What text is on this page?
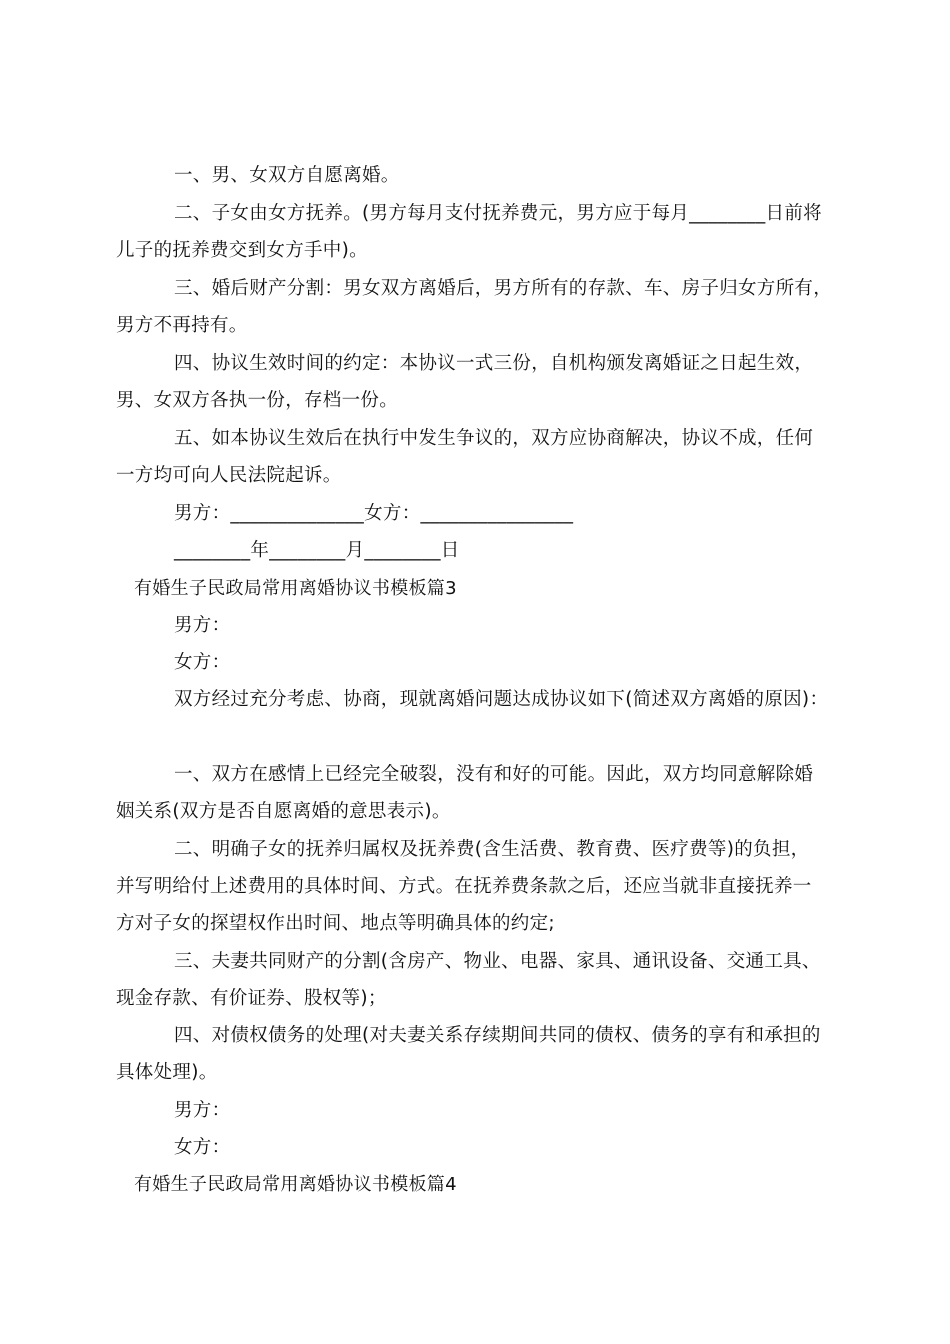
一、男、女双方自愿离婚。
二、子女由女方抚养。(男方每月支付抚养费元，男方应于每月________日前将
儿子的抚养费交到女方手中)。
三、婚后财产分割：男女双方离婚后，男方所有的存款、车、房子归女方所有，
男方不再持有。
四、协议生效时间的约定：本协议一式三份，自机构颁发离婚证之日起生效，
男、女双方各执一份，存档一份。
五、如本协议生效后在执行中发生争议的，双方应协商解决，协议不成，任何
一方均可向人民法院起诉。
男方：______________女方：________________
________年________月________日
有婚生子民政局常用离婚协议书模板篇3
男方：
女方：
双方经过充分考虑、协商，现就离婚问题达成协议如下(简述双方离婚的原因)：
一、双方在感情上已经完全破裂，没有和好的可能。因此，双方均同意解除婚
姻关系(双方是否自愿离婚的意思表示)。
二、明确子女的抚养归属权及抚养费(含生活费、教育费、医疗费等)的负担，
并写明给付上述费用的具体时间、方式。在抚养费条款之后，还应当就非直接抚养一
方对子女的探望权作出时间、地点等明确具体的约定;
三、夫妻共同财产的分割(含房产、物业、电器、家具、通讯设备、交通工具、
现金存款、有价证券、股权等)；
四、对债权债务的处理(对夫妻关系存续期间共同的债权、债务的享有和承担的
具体处理)。
男方：
女方：
有婚生子民政局常用离婚协议书模板篇4
